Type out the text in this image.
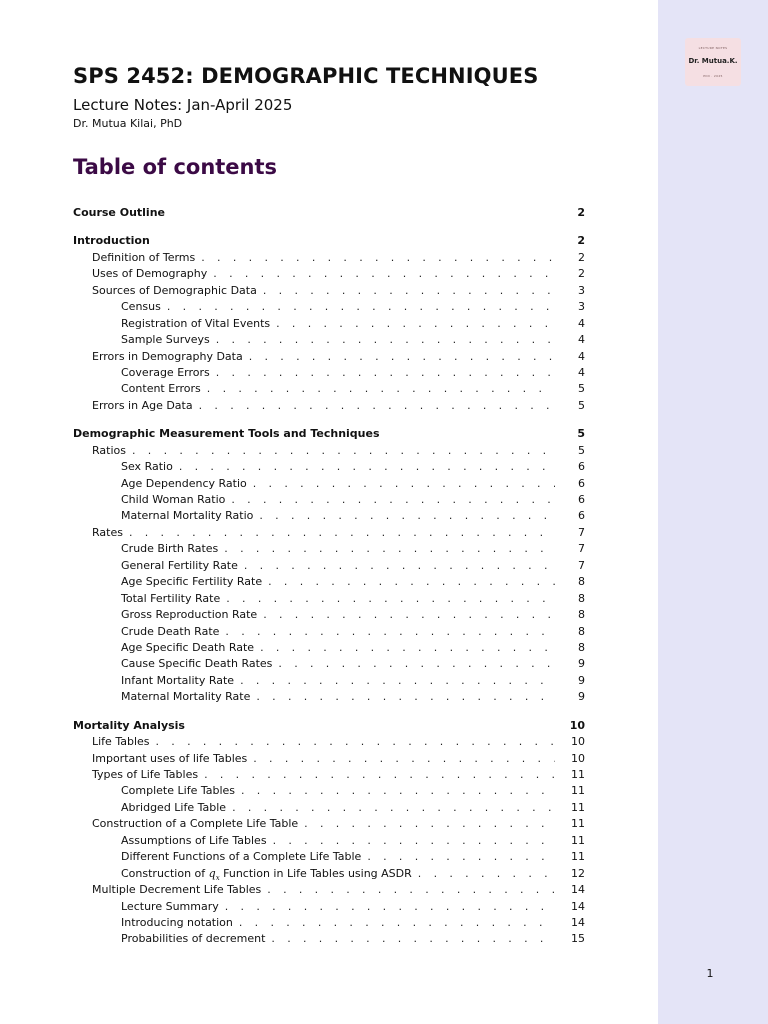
LECTURE NOTES
Dr. Mutua.K.
PhD · 2025
SPS 2452: DEMOGRAPHIC TECHNIQUES
Lecture Notes: Jan-April 2025
Dr. Mutua Kilai, PhD
Table of contents
Course Outline	2
Introduction	2
Definition of Terms . . .	2
Uses of Demography . . .	2
Sources of Demographic Data . . .	3
Census . . .	3
Registration of Vital Events . . .	4
Sample Surveys . . .	4
Errors in Demography Data . . .	4
Coverage Errors . . .	4
Content Errors . . .	5
Errors in Age Data . . .	5
Demographic Measurement Tools and Techniques	5
Ratios . . .	5
Sex Ratio . . .	6
Age Dependency Ratio . . .	6
Child Woman Ratio . . .	6
Maternal Mortality Ratio . . .	6
Rates . . .	7
Crude Birth Rates . . .	7
General Fertility Rate . . .	7
Age Specific Fertility Rate . . .	8
Total Fertility Rate . . .	8
Gross Reproduction Rate . . .	8
Crude Death Rate . . .	8
Age Specific Death Rate . . .	8
Cause Specific Death Rates . . .	9
Infant Mortality Rate . . .	9
Maternal Mortality Rate . . .	9
Mortality Analysis	10
Life Tables . . .	10
Important uses of life Tables . . .	10
Types of Life Tables . . .	11
Complete Life Tables . . .	11
Abridged Life Table . . .	11
Construction of a Complete Life Table . . .	11
Assumptions of Life Tables . . .	11
Different Functions of a Complete Life Table . . .	11
Construction of $q_x$ Function in Life Tables using ASDR . . .	12
Multiple Decrement Life Tables . . .	14
Lecture Summary . . .	14
Introducing notation . . .	14
Probabilities of decrement . . .	15
1
